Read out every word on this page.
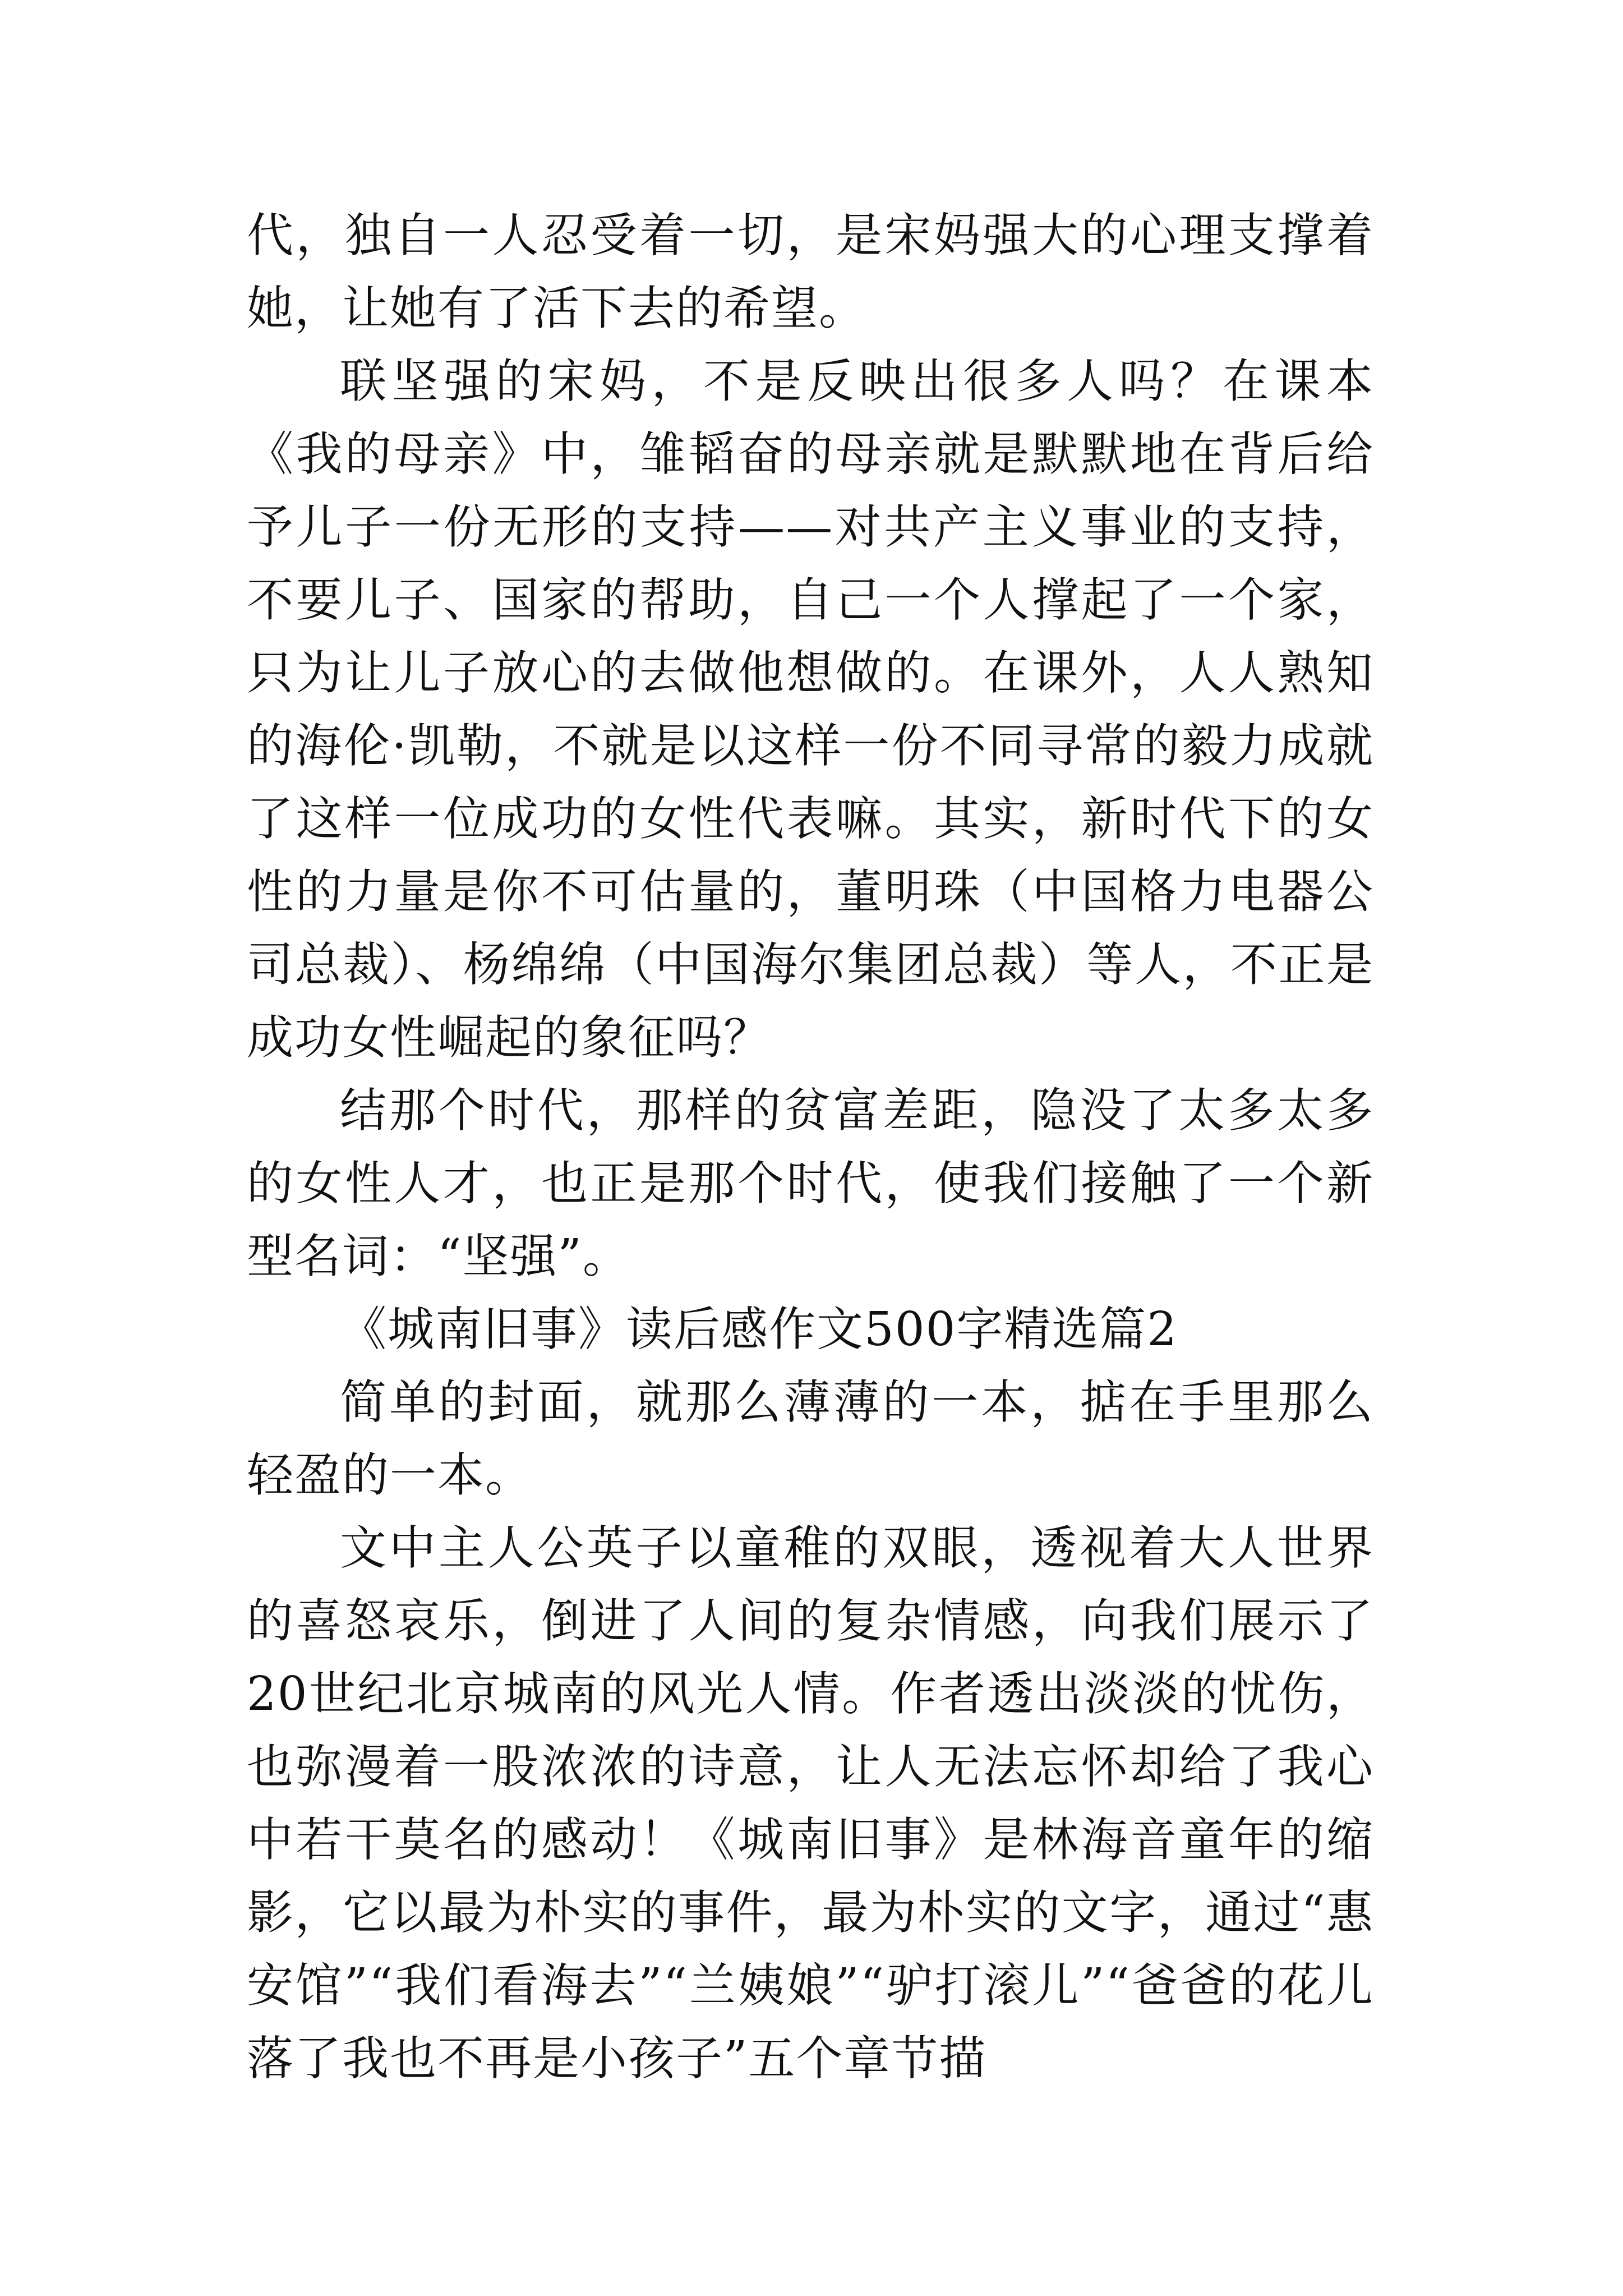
代，独自一人忍受着一切，是宋妈强大的心理支撑着她，让她有了活下去的希望。

联坚强的宋妈，不是反映出很多人吗？在课本《我的母亲》中，雏韬奋的母亲就是默默地在背后给予儿子一份无形的支持——对共产主义事业的支持，不要儿子、国家的帮助，自己一个人撑起了一个家，只为让儿子放心的去做他想做的。在课外，人人熟知的海伦·凯勒，不就是以这样一份不同寻常的毅力成就了这样一位成功的女性代表嘛。其实，新时代下的女性的力量是你不可估量的，董明珠（中国格力电器公司总裁）、杨绵绵（中国海尔集团总裁）等人，不正是成功女性崛起的象征吗？

结那个时代，那样的贫富差距，隐没了太多太多的女性人才，也正是那个时代，使我们接触了一个新型名词：“坚强”。

《城南旧事》读后感作文500字精选篇2

简单的封面，就那么薄薄的一本，掂在手里那么轻盈的一本。

文中主人公英子以童稚的双眼，透视着大人世界的喜怒哀乐，倒进了人间的复杂情感，向我们展示了20世纪北京城南的风光人情。作者透出淡淡的忧伤，也弥漫着一股浓浓的诗意，让人无法忘怀却给了我心中若干莫名的感动！《城南旧事》是林海音童年的缩影，它以最为朴实的事件，最为朴实的文字，通过“惠安馆”“我们看海去”“兰姨娘”“驴打滚儿”“爸爸的花儿落了我也不再是小孩子”五个章节描
